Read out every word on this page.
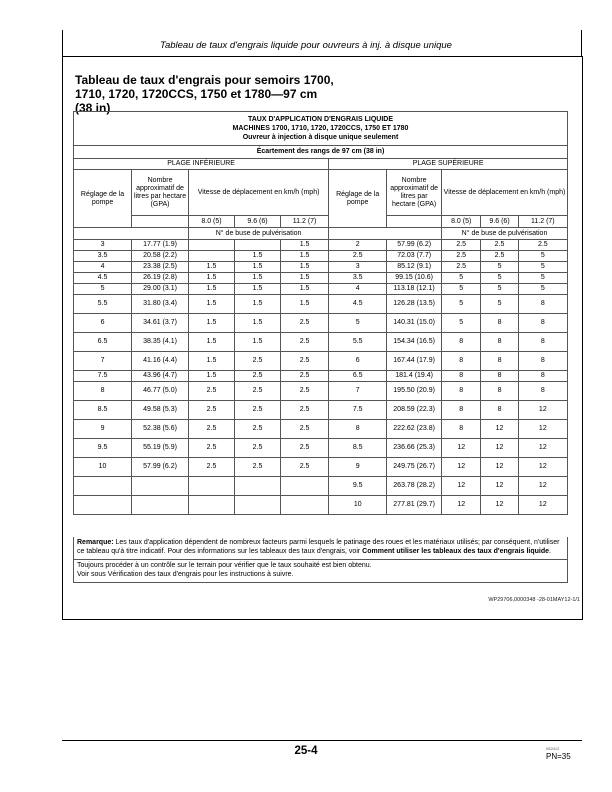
Tableau de taux d'engrais liquide pour ouvreurs à inj. à disque unique
Tableau de taux d'engrais pour semoirs 1700,
1710, 1720, 1720CCS, 1750 et 1780—97 cm
(38 in)
TAUX D'APPLICATION D'ENGRAIS LIQUIDE
MACHINES 1700, 1710, 1720, 1720CCS, 1750 ET 1780
Ouvreur à injection à disque unique seulement									

Écartement des rangs de 97 cm (38 in)									
PLAGE INFÉRIEURE					PLAGE SUPÉRIEURE				
Réglage de la pompe	Nombre approximatif de litres par hectare (GPA)	Vitesse de déplacement en km/h (mph)			Réglage de la pompe	Nombre approximatif de litres par hectare (GPA)	Vitesse de déplacement en km/h (mph)		
		8.0 (5)	9.6 (6)	11.2 (7)			8.0 (5)	9.6 (6)	11.2 (7)
		N° de buse de pulvérisation					N° de buse de pulvérisation		
3	17.77 (1.9)			1.5	2	57.99 (6.2)	2.5	2.5	2.5
3.5	20.58 (2.2)		1.5	1.5	2.5	72.03 (7.7)	2.5	2.5	5
4	23.38 (2.5)	1.5	1.5	1.5	3	85.12 (9.1)	2.5	5	5
4.5	26.19 (2.8)	1.5	1.5	1.5	3.5	99.15 (10.6)	5	5	5
5	29.00 (3.1)	1.5	1.5	1.5	4	113.18 (12.1)	5	5	5
5.5	31.80 (3.4)	1.5	1.5	1.5	4.5	126.28 (13.5)	5	5	8
6	34.61 (3.7)	1.5	1.5	2.5	5	140.31 (15.0)	5	8	8
6.5	38.35 (4.1)	1.5	1.5	2.5	5.5	154.34 (16.5)	8	8	8
7	41.16 (4.4)	1.5	2.5	2.5	6	167.44 (17.9)	8	8	8
7.5	43.96 (4.7)	1.5	2.5	2.5	6.5	181.4 (19.4)	8	8	8
8	46.77 (5.0)	2.5	2.5	2.5	7	195.50 (20.9)	8	8	8
8.5	49.58 (5.3)	2.5	2.5	2.5	7.5	208.59 (22.3)	8	8	12
9	52.38 (5.6)	2.5	2.5	2.5	8	222.62 (23.8)	8	12	12
9.5	55.19 (5.9)	2.5	2.5	2.5	8.5	236.66 (25.3)	12	12	12
10	57.99 (6.2)	2.5	2.5	2.5	9	249.75 (26.7)	12	12	12
					9.5	263.78 (28.2)	12	12	12
					10	277.81 (29.7)	12	12	12
Remarque: Les taux d'application dépendent de nombreux facteurs parmi lesquels le patinage des roues et les matériaux utilisés; par conséquent, n'utiliser ce tableau qu'à titre indicatif. Pour des informations sur les tableaux des taux d'engrais, voir Comment utiliser les tableaux des taux d'engrais liquide.
Toujours procéder à un contrôle sur le terrain pour vérifier que le taux souhaité est bien obtenu.
Voir sous Vérification des taux d'engrais pour les instructions à suivre.
WP29706,0000348 -28-01MAY12-1/1
25-4	052412
PN=35
